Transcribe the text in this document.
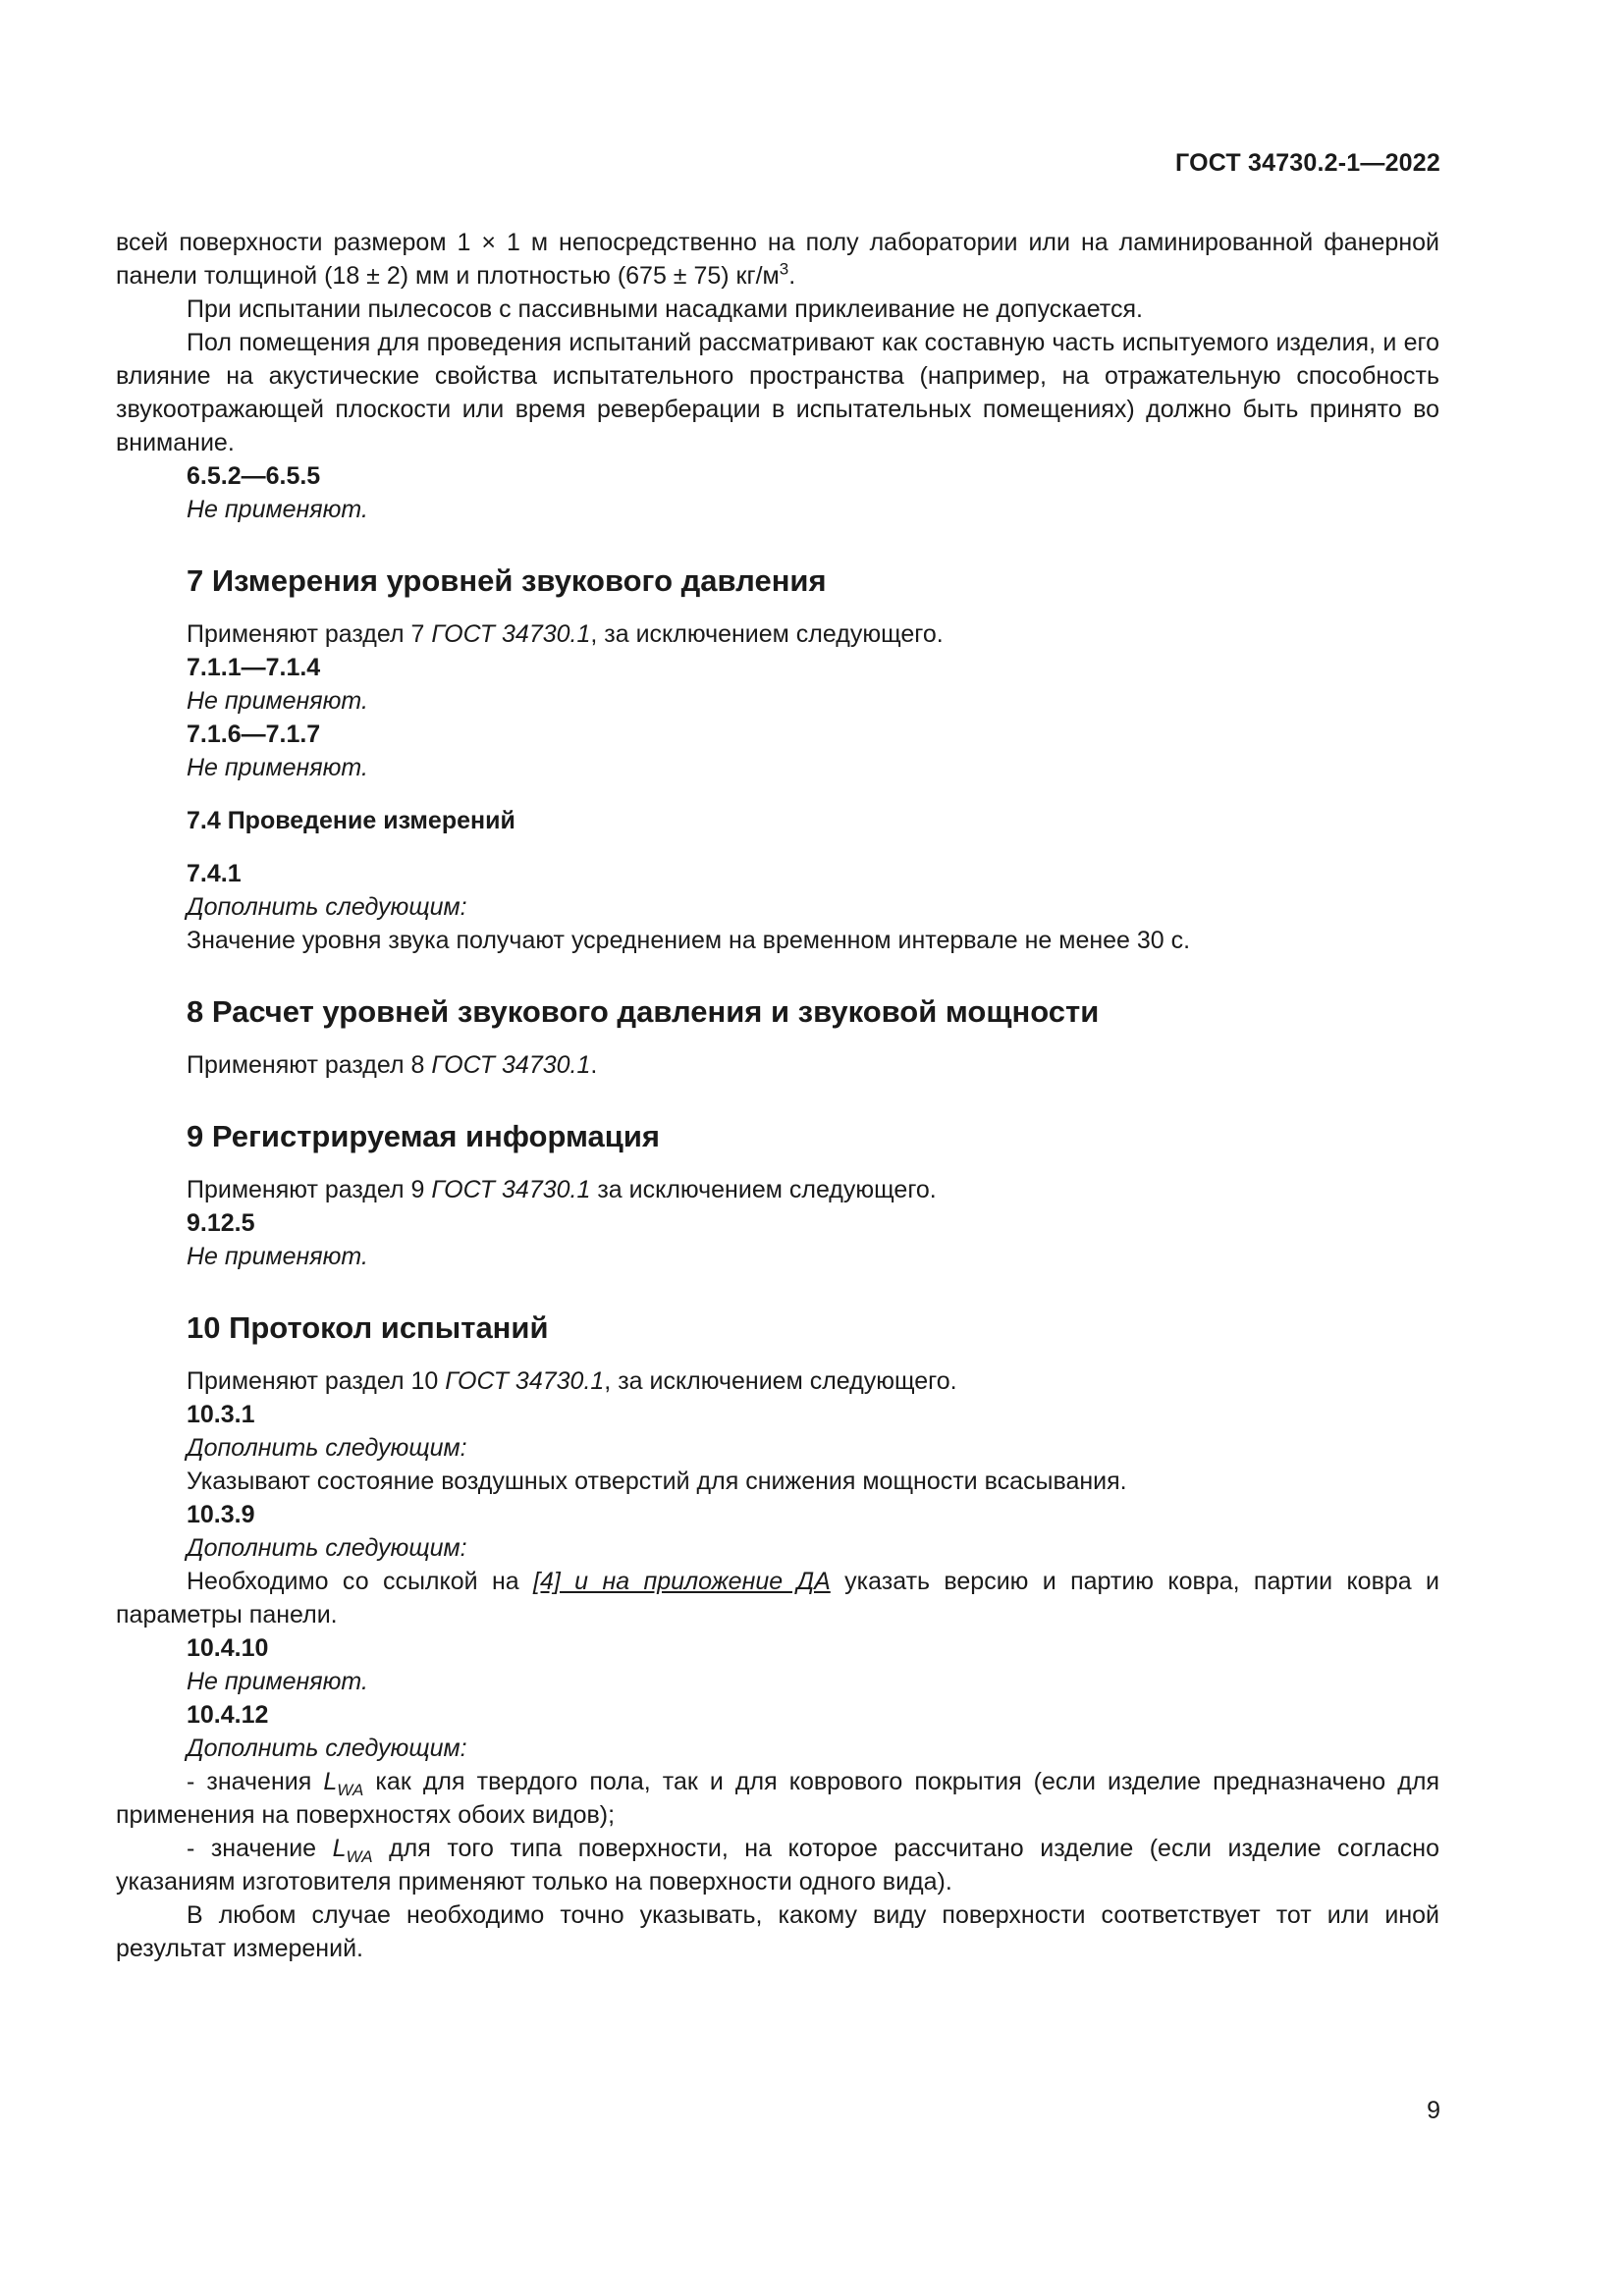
ГОСТ 34730.2-1—2022

всей поверхности размером 1 × 1 м непосредственно на полу лаборатории или на ламинированной фанерной панели толщиной (18 ± 2) мм и плотностью (675 ± 75) $кг/м^3$.

При испытании пылесосов с пассивными насадками приклеивание не допускается.

Пол помещения для проведения испытаний рассматривают как составную часть испытуемого изделия, и его влияние на акустические свойства испытательного пространства (например, на отражательную способность звукоотражающей плоскости или время реверберации в испытательных помещениях) должно быть принято во внимание.

6.5.2—6.5.5

Не применяют.

7 Измерения уровней звукового давления

Применяют раздел 7 ГОСТ 34730.1, за исключением следующего.

7.1.1—7.1.4

Не применяют.

7.1.6—7.1.7

Не применяют.

7.4 Проведение измерений

7.4.1

Дополнить следующим:

Значение уровня звука получают усреднением на временном интервале не менее 30 с.

8 Расчет уровней звукового давления и звуковой мощности

Применяют раздел 8 ГОСТ 34730.1.

9 Регистрируемая информация

Применяют раздел 9 ГОСТ 34730.1 за исключением следующего.

9.12.5

Не применяют.

10 Протокол испытаний

Применяют раздел 10 ГОСТ 34730.1, за исключением следующего.

10.3.1

Дополнить следующим:

Указывают состояние воздушных отверстий для снижения мощности всасывания.

10.3.9

Дополнить следующим:

Необходимо со ссылкой на [4] и на приложение ДА указать версию и партию ковра, партии ковра и параметры панели.

10.4.10

Не применяют.

10.4.12

Дополнить следующим:

- значения $L_{WA}$ как для твердого пола, так и для коврового покрытия (если изделие предназначено для применения на поверхностях обоих видов);

- значение $L_{WA}$ для того типа поверхности, на которое рассчитано изделие (если изделие согласно указаниям изготовителя применяют только на поверхности одного вида).

В любом случае необходимо точно указывать, какому виду поверхности соответствует тот или иной результат измерений.

9
